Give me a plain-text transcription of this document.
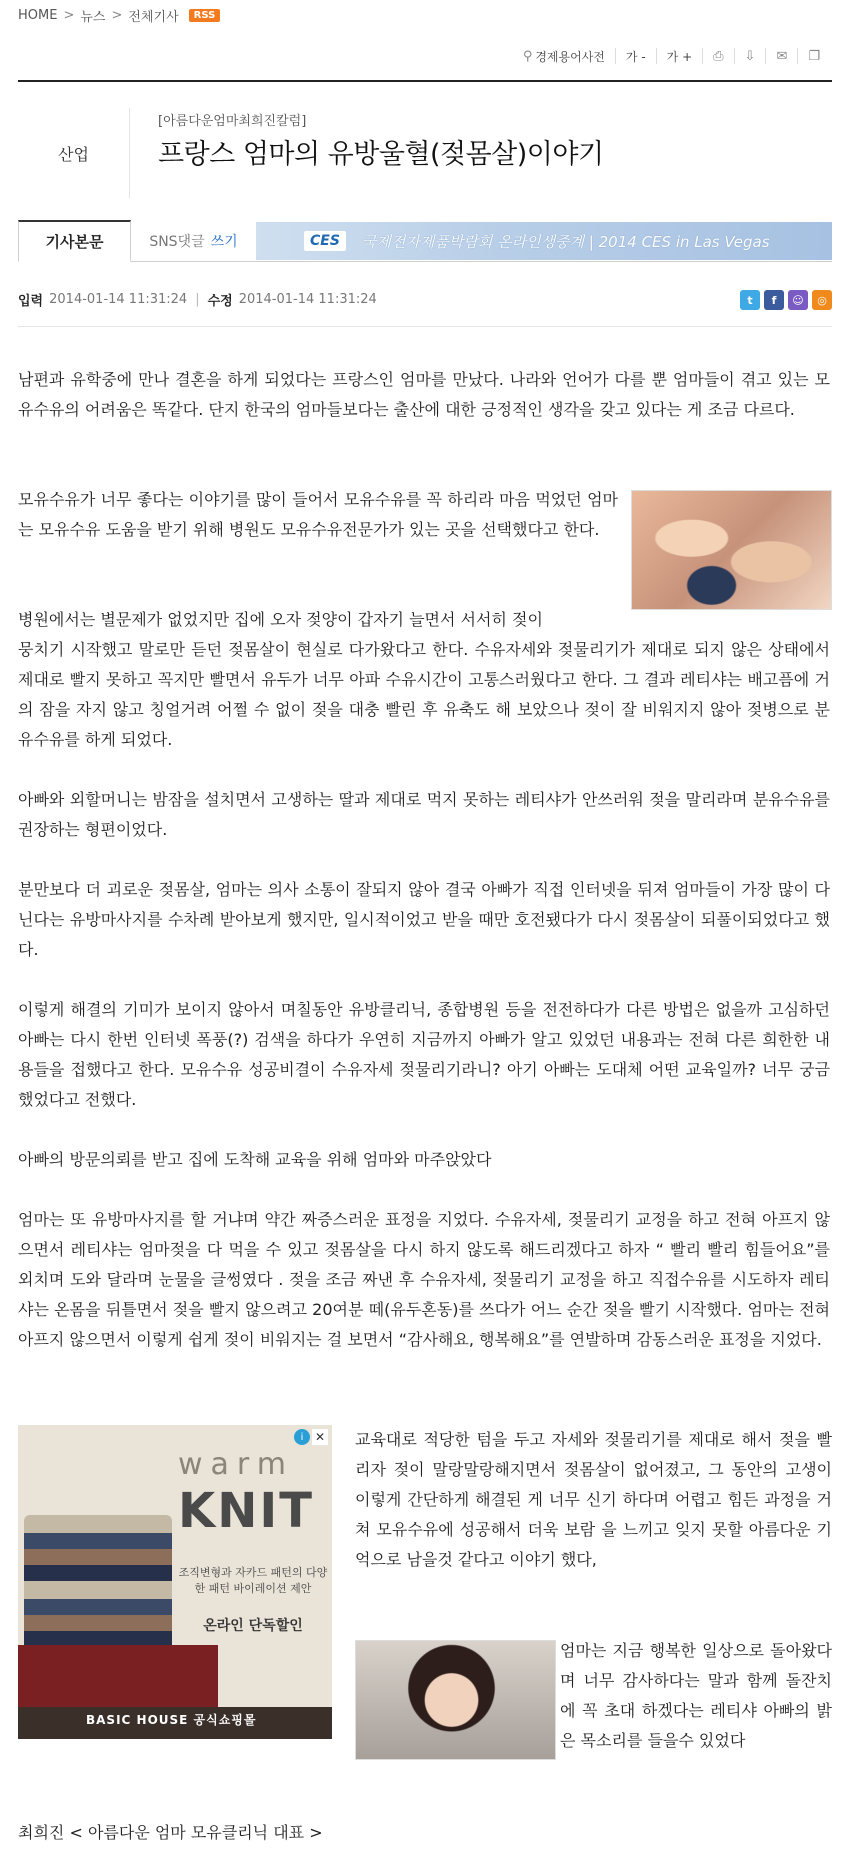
HOME > 뉴스 > 전체기사	RSS
⚲ 경제용어사전	가 -	가 +	⎙ ⇩ ✉ ❐
산업
[아름다운엄마최희진칼럼]
프랑스 엄마의 유방울혈(젖몸살)이야기
기사본문	SNS댓글 쓰기	CES	국제전자제품박람회 온라인생중계 | 2014 CES in Las Vegas
입력 2014-01-14 11:31:24 | 수정 2014-01-14 11:31:24	t	f	☺	◎

남편과 유학중에 만나 결혼을 하게 되었다는 프랑스인 엄마를 만났다. 나라와 언어가 다를 뿐 엄마들이 겪고 있는 모유수유의 어려움은 똑같다. 단지 한국의 엄마들보다는 출산에 대한 긍정적인 생각을 갖고 있다는 게 조금 다르다.

모유수유가 너무 좋다는 이야기를 많이 들어서 모유수유를 꼭 하리라 마음 먹었던 엄마는 모유수유 도움을 받기 위해 병원도 모유수유전문가가 있는 곳을 선택했다고 한다.

병원에서는 별문제가 없었지만 집에 오자 젖양이 갑자기 늘면서 서서히 젖이

뭉치기 시작했고 말로만 듣던 젖몸살이 현실로 다가왔다고 한다. 수유자세와 젖물리기가 제대로 되지 않은 상태에서 제대로 빨지 못하고 꼭지만 빨면서 유두가 너무 아파 수유시간이 고통스러웠다고 한다. 그 결과 레티샤는 배고픔에 거의 잠을 자지 않고 칭얼거려 어쩔 수 없이 젖을 대충 빨린 후 유축도 해 보았으나 젖이 잘 비워지지 않아 젖병으로 분유수유를 하게 되었다.

아빠와 외할머니는 밤잠을 설치면서 고생하는 딸과 제대로 먹지 못하는 레티샤가 안쓰러워 젖을 말리라며 분유수유를 권장하는 형편이었다.

분만보다 더 괴로운 젖몸살, 엄마는 의사 소통이 잘되지 않아 결국 아빠가 직접 인터넷을 뒤져 엄마들이 가장 많이 다닌다는 유방마사지를 수차례 받아보게 했지만, 일시적이었고 받을 때만 호전됐다가 다시 젖몸살이 되풀이되었다고 했다.

이렇게 해결의 기미가 보이지 않아서 며칠동안 유방클리닉, 종합병원 등을 전전하다가 다른 방법은 없을까 고심하던 아빠는 다시 한번 인터넷 폭풍(?) 검색을 하다가 우연히 지금까지 아빠가 알고 있었던 내용과는 전혀 다른 희한한 내용들을 접했다고 한다. 모유수유 성공비결이 수유자세 젖물리기라니? 아기 아빠는 도대체 어떤 교육일까? 너무 궁금했었다고 전했다.

아빠의 방문의뢰를 받고 집에 도착해 교육을 위해 엄마와 마주앉았다

엄마는 또 유방마사지를 할 거냐며 약간 짜증스러운 표정을 지었다. 수유자세, 젖물리기 교정을 하고 전혀 아프지 않으면서 레티샤는 엄마젖을 다 먹을 수 있고 젖몸살을 다시 하지 않도록 해드리겠다고 하자 “ 빨리 빨리 힘들어요”를 외치며 도와 달라며 눈물을 글썽였다 . 젖을 조금 짜낸 후 수유자세, 젖물리기 교정을 하고 직접수유를 시도하자 레티샤는 온몸을 뒤틀면서 젖을 빨지 않으려고 20여분 떼(유두혼동)를 쓰다가 어느 순간 젖을 빨기 시작했다. 엄마는 전혀 아프지 않으면서 이렇게 쉽게 젖이 비워지는 걸 보면서 “감사해요, 행복해요”를 연발하며 감동스러운 표정을 지었다.

warm
KNIT
조직변형과 자카드 패턴의 다양한 패턴 바이레이션 제안
온라인 단독할인
BASIC HOUSE 공식쇼핑몰
i ✕ 교육대로 적당한 텀을 두고 자세와 젖물리기를 제대로 해서 젖을 빨리자 젖이 말랑말랑해지면서 젖몸살이 없어졌고, 그 동안의 고생이 이렇게 간단하게 해결된 게 너무 신기 하다며 어렵고 힘든 과정을 거쳐 모유수유에 성공해서 더욱 보람 을 느끼고 잊지 못할 아름다운 기억으로 남을것 같다고 이야기 했다,

엄마는 지금 행복한 일상으로 돌아왔다며 너무 감사하다는 말과 함께 돌잔치에 꼭 초대 하겠다는 레티샤 아빠의 밝은 목소리를 들을수 있었다

최희진 < 아름다운 엄마 모유클리닉 대표 >
